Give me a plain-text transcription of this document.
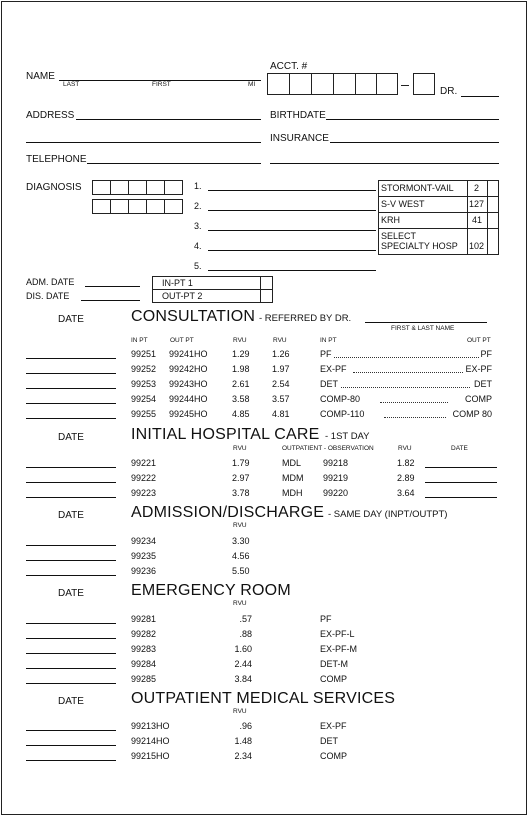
ACCT. #
DR.
NAME
LAST	FIRST	MI
ADDRESS	BIRTHDATE
INSURANCE
TELEPHONE
DIAGNOSIS	1.
2.
3.
4.
5.
STORMONT-VAIL 2
S-V WEST	127
KRH	41
SELECT
SPECIALTY HOSP 102
ADM. DATE
DIS. DATE
IN-PT 1
OUT-PT 2
DATE	CONSULTATION - REFERRED BY DR.
FIRST & LAST NAME
IN PT	OUT PT	RVU	RVU	IN PT	OUT PT
99251 99241HO	1.29 1.26	PF	PF
99252 99242HO	1.98 1.97	EX-PF	EX-PF
99253 99243HO	2.61 2.54	DET	DET
99254 99244HO	3.58 3.57	COMP-80	COMP
99255 99245HO	4.85 4.81	COMP-110	COMP 80
DATE	INITIAL HOSPITAL CARE - 1ST DAY
RVU	OUTPATIENT - OBSERVATION	RVU	DATE
99221	1.79	MDL 99218	1.82
99222	2.97	MDM 99219	2.89
99223	3.78	MDH 99220	3.64
DATE	ADMISSION/DISCHARGE - SAME DAY (INPT/OUTPT)
RVU
99234	3.30
99235	4.56
99236	5.50
DATE	EMERGENCY ROOM
RVU
99281	.57	PF
99282	.88	EX-PF-L
99283	1.60	EX-PF-M
99284	2.44	DET-M
99285	3.84	COMP
DATE	OUTPATIENT MEDICAL SERVICES
RVU
99213HO	.96	EX-PF
99214HO	1.48	DET
99215HO	2.34	COMP
